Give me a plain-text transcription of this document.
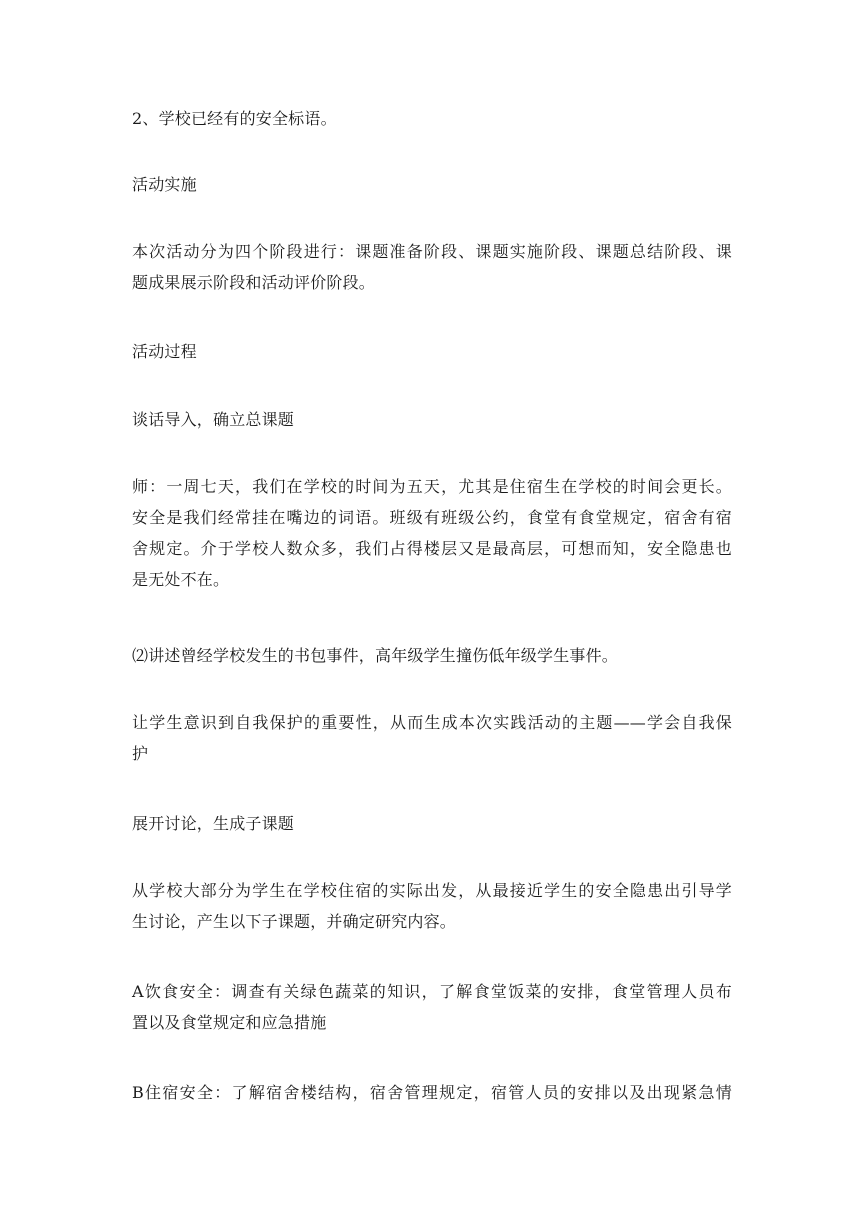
2、学校已经有的安全标语。

活动实施

本次活动分为四个阶段进行：课题准备阶段、课题实施阶段、课题总结阶段、课
题成果展示阶段和活动评价阶段。

活动过程

谈话导入，确立总课题

师：一周七天，我们在学校的时间为五天，尤其是住宿生在学校的时间会更长。
安全是我们经常挂在嘴边的词语。班级有班级公约，食堂有食堂规定，宿舍有宿
舍规定。介于学校人数众多，我们占得楼层又是最高层，可想而知，安全隐患也
是无处不在。

⑵讲述曾经学校发生的书包事件，高年级学生撞伤低年级学生事件。

让学生意识到自我保护的重要性，从而生成本次实践活动的主题——学会自我保
护

展开讨论，生成子课题

从学校大部分为学生在学校住宿的实际出发，从最接近学生的安全隐患出引导学
生讨论，产生以下子课题，并确定研究内容。

A饮食安全：调查有关绿色蔬菜的知识，了解食堂饭菜的安排，食堂管理人员布
置以及食堂规定和应急措施

B住宿安全：了解宿舍楼结构，宿舍管理规定，宿管人员的安排以及出现紧急情
